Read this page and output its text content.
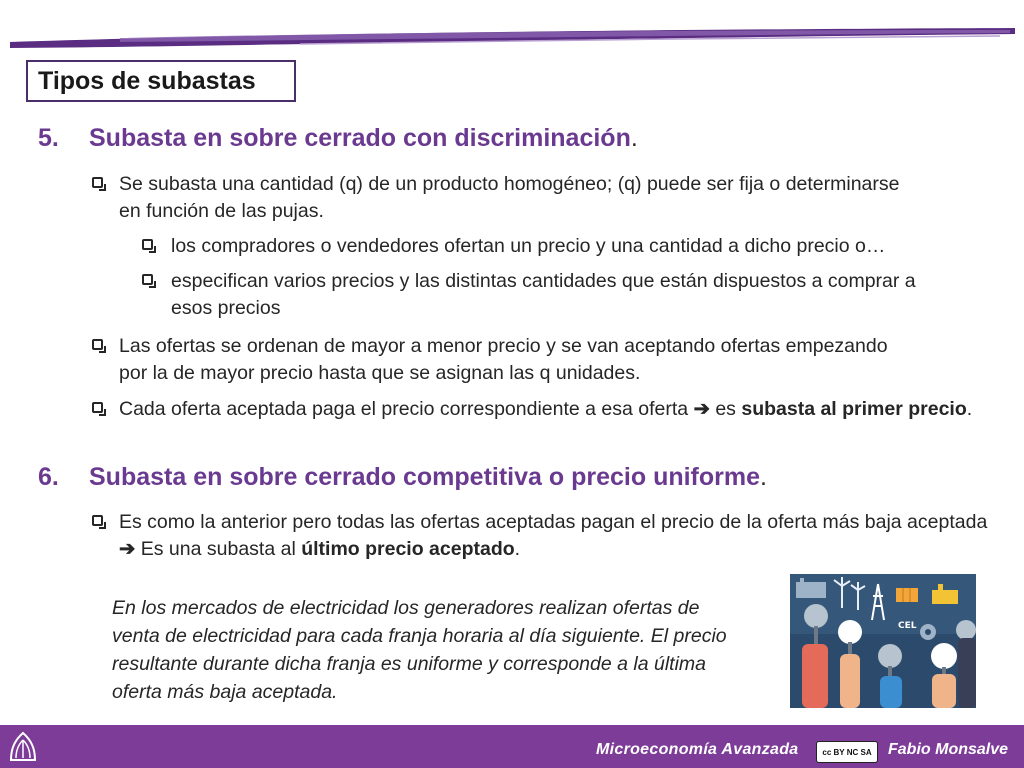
Tipos de subastas
5. Subasta en sobre cerrado con discriminación.
Se subasta una cantidad (q) de un producto homogéneo; (q) puede ser fija o determinarse en función de las pujas.
los compradores o vendedores ofertan un precio y una cantidad a dicho precio o…
especifican varios precios y las distintas cantidades que están dispuestos a comprar a esos precios
Las ofertas se ordenan de mayor a menor precio y se van aceptando ofertas empezando por la de mayor precio hasta que se asignan las q unidades.
Cada oferta aceptada paga el precio correspondiente a esa oferta ➔ es subasta al primer precio.
6. Subasta en sobre cerrado competitiva o precio uniforme.
Es como la anterior pero todas las ofertas aceptadas pagan el precio de la oferta más baja aceptada ➔ Es una subasta al último precio aceptado.
En los mercados de electricidad los generadores realizan ofertas de venta de electricidad para cada franja horaria al día siguiente. El precio resultante durante dicha franja es uniforme y corresponde a la última oferta más baja aceptada.
CEL
Microeconomía Avanzada	cc BY NC SA	Fabio Monsalve
